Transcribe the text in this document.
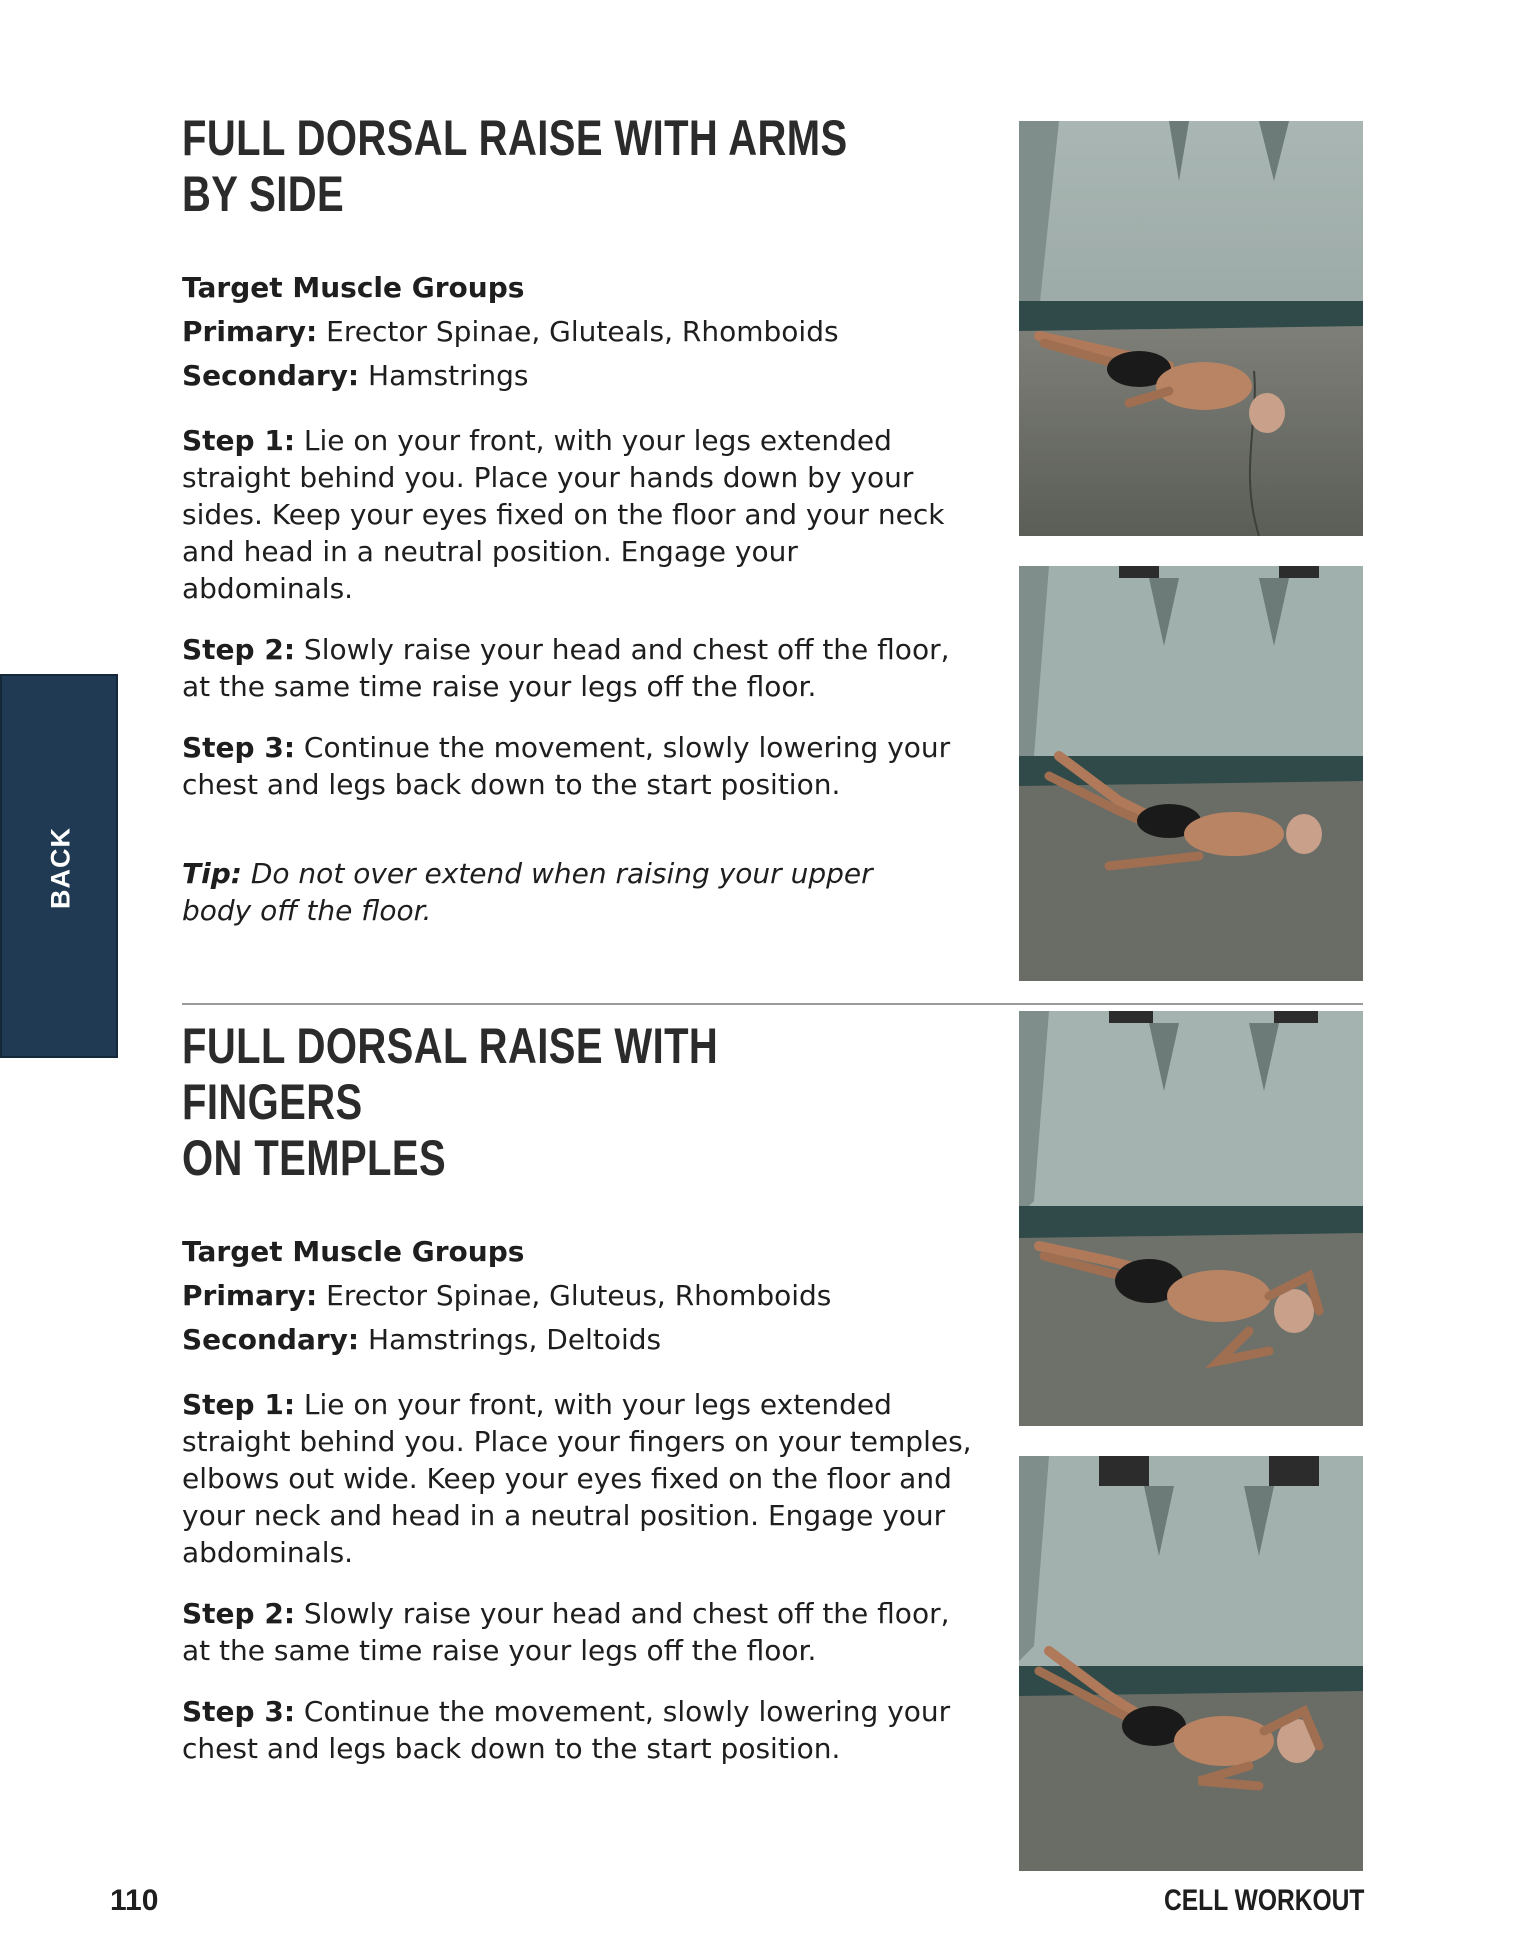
BACK
FULL DORSAL RAISE WITH ARMS
BY SIDE

Target Muscle Groups

Primary: Erector Spinae, Gluteals, Rhomboids

Secondary: Hamstrings

Step 1: Lie on your front, with your legs extended straight behind you. Place your hands down by your sides. Keep your eyes fixed on the floor and your neck and head in a neutral position. Engage your abdominals.
Step 2: Slowly raise your head and chest off the floor, at the same time raise your legs off the floor.
Step 3: Continue the movement, slowly lowering your chest and legs back down to the start position.
Tip: Do not over extend when raising your upper body off the floor.
FULL DORSAL RAISE WITH FINGERS
ON TEMPLES

Target Muscle Groups

Primary: Erector Spinae, Gluteus, Rhomboids

Secondary: Hamstrings, Deltoids

Step 1: Lie on your front, with your legs extended straight behind you. Place your fingers on your temples, elbows out wide. Keep your eyes fixed on the floor and your neck and head in a neutral position. Engage your abdominals.
Step 2: Slowly raise your head and chest off the floor, at the same time raise your legs off the floor.
Step 3: Continue the movement, slowly lowering your chest and legs back down to the start position.
110	CELL WORKOUT
